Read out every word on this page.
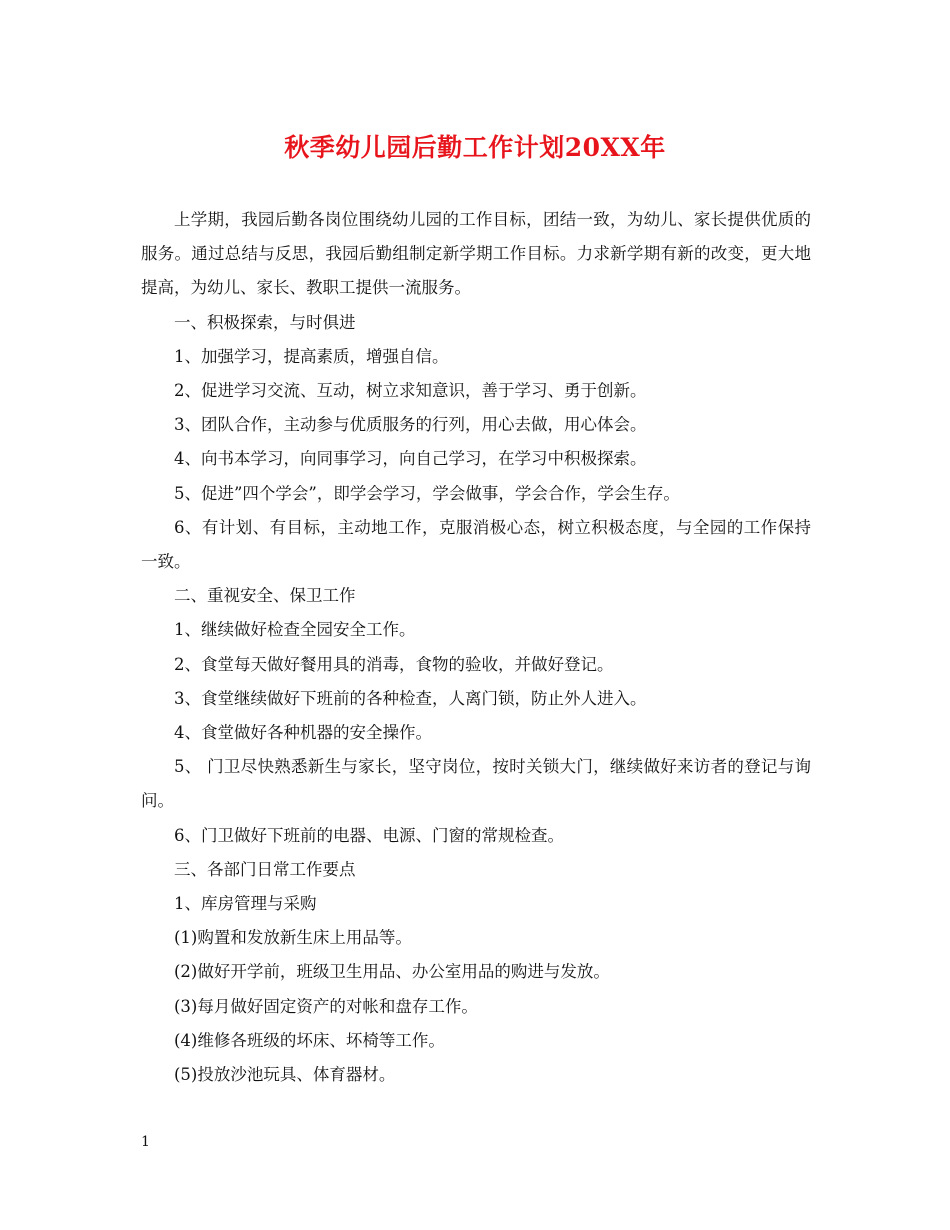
秋季幼儿园后勤工作计划20XX年

上学期，我园后勤各岗位围绕幼儿园的工作目标，团结一致，为幼儿、家长提供优质的服务。通过总结与反思，我园后勤组制定新学期工作目标。力求新学期有新的改变，更大地提高，为幼儿、家长、教职工提供一流服务。

一、积极探索，与时俱进

1、加强学习，提高素质，增强自信。

2、促进学习交流、互动，树立求知意识，善于学习、勇于创新。

3、团队合作，主动参与优质服务的行列，用心去做，用心体会。

4、向书本学习，向同事学习，向自己学习，在学习中积极探索。

5、促进”四个学会”，即学会学习，学会做事，学会合作，学会生存。

6、有计划、有目标，主动地工作，克服消极心态，树立积极态度，与全园的工作保持一致。

二、重视安全、保卫工作

1、继续做好检查全园安全工作。

2、食堂每天做好餐用具的消毒，食物的验收，并做好登记。

3、食堂继续做好下班前的各种检查，人离门锁，防止外人进入。

4、食堂做好各种机器的安全操作。

5、 门卫尽快熟悉新生与家长，坚守岗位，按时关锁大门，继续做好来访者的登记与询问。

6、门卫做好下班前的电器、电源、门窗的常规检查。

三、各部门日常工作要点

1、库房管理与采购

(1)购置和发放新生床上用品等。

(2)做好开学前，班级卫生用品、办公室用品的购进与发放。

(3)每月做好固定资产的对帐和盘存工作。

(4)维修各班级的坏床、坏椅等工作。

(5)投放沙池玩具、体育器材。

1
